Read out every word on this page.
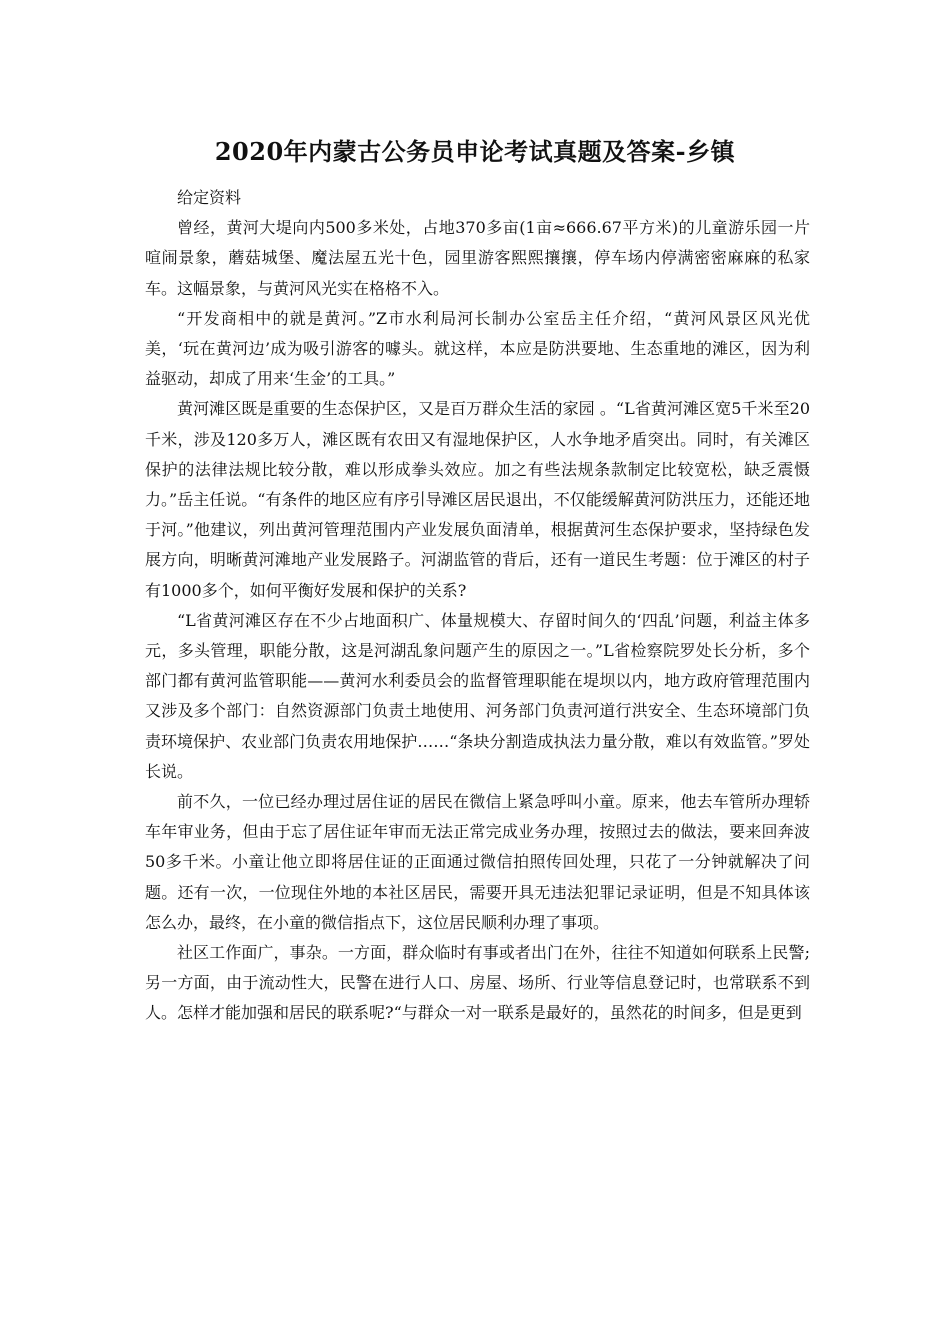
2020年内蒙古公务员申论考试真题及答案-乡镇

给定资料

曾经，黄河大堤向内500多米处，占地370多亩(1亩≈666.67平方米)的儿童游乐园一片喧闹景象，蘑菇城堡、魔法屋五光十色，园里游客熙熙攘攘，停车场内停满密密麻麻的私家车。这幅景象，与黄河风光实在格格不入。

“开发商相中的就是黄河。”Z市水利局河长制办公室岳主任介绍，“黄河风景区风光优美，‘玩在黄河边’成为吸引游客的噱头。就这样，本应是防洪要地、生态重地的滩区，因为利益驱动，却成了用来‘生金’的工具。”

黄河滩区既是重要的生态保护区，又是百万群众生活的家园 。“L省黄河滩区宽5千米至20千米，涉及120多万人，滩区既有农田又有湿地保护区，人水争地矛盾突出。同时，有关滩区保护的法律法规比较分散，难以形成拳头效应。加之有些法规条款制定比较宽松，缺乏震慑力。”岳主任说。“有条件的地区应有序引导滩区居民退出，不仅能缓解黄河防洪压力，还能还地于河。”他建议，列出黄河管理范围内产业发展负面清单，根据黄河生态保护要求，坚持绿色发展方向，明晰黄河滩地产业发展路子。河湖监管的背后，还有一道民生考题：位于滩区的村子有1000多个，如何平衡好发展和保护的关系?

“L省黄河滩区存在不少占地面积广、体量规模大、存留时间久的‘四乱’问题，利益主体多元，多头管理，职能分散，这是河湖乱象问题产生的原因之一。”L省检察院罗处长分析，多个部门都有黄河监管职能——黄河水利委员会的监督管理职能在堤坝以内，地方政府管理范围内又涉及多个部门：自然资源部门负责土地使用、河务部门负责河道行洪安全、生态环境部门负责环境保护、农业部门负责农用地保护……“条块分割造成执法力量分散，难以有效监管。”罗处长说。

前不久，一位已经办理过居住证的居民在微信上紧急呼叫小童。原来，他去车管所办理轿车年审业务，但由于忘了居住证年审而无法正常完成业务办理，按照过去的做法，要来回奔波50多千米。小童让他立即将居住证的正面通过微信拍照传回处理，只花了一分钟就解决了问题。还有一次，一位现住外地的本社区居民，需要开具无违法犯罪记录证明，但是不知具体该怎么办，最终，在小童的微信指点下，这位居民顺利办理了事项。

社区工作面广，事杂。一方面，群众临时有事或者出门在外，往往不知道如何联系上民警;另一方面，由于流动性大，民警在进行人口、房屋、场所、行业等信息登记时，也常联系不到人。怎样才能加强和居民的联系呢?“与群众一对一联系是最好的，虽然花的时间多，但是更到
